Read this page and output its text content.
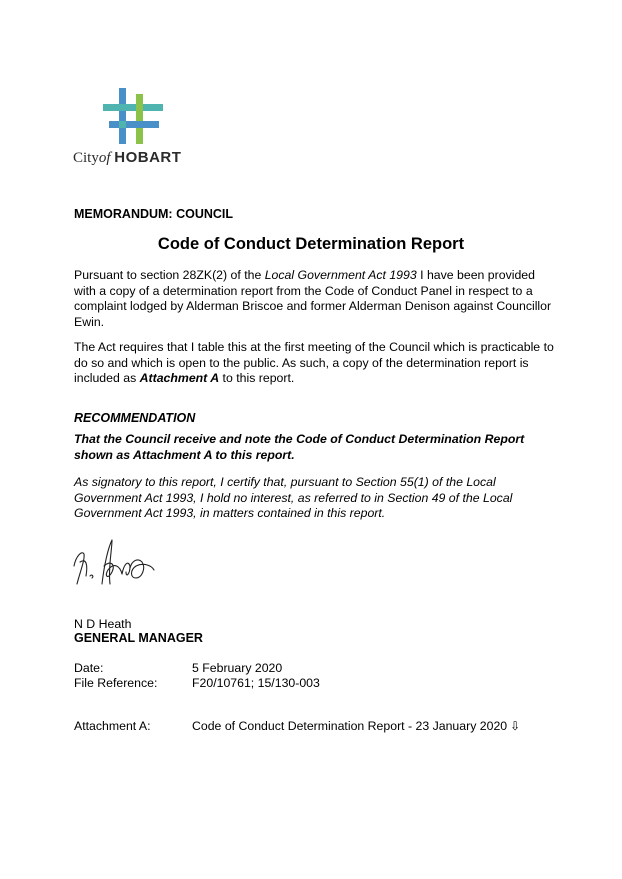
Cityof HOBART
MEMORANDUM: COUNCIL
Code of Conduct Determination Report
Pursuant to section 28ZK(2) of the Local Government Act 1993 I have been provided with a copy of a determination report from the Code of Conduct Panel in respect to a complaint lodged by Alderman Briscoe and former Alderman Denison against Councillor Ewin.
The Act requires that I table this at the first meeting of the Council which is practicable to do so and which is open to the public. As such, a copy of the determination report is included as Attachment A to this report.
RECOMMENDATION
That the Council receive and note the Code of Conduct Determination Report shown as Attachment A to this report.
As signatory to this report, I certify that, pursuant to Section 55(1) of the Local Government Act 1993, I hold no interest, as referred to in Section 49 of the Local Government Act 1993, in matters contained in this report.
N D Heath
GENERAL MANAGER
Date:	5 February 2020
File Reference:	F20/10761; 15/130-003
Attachment A:	Code of Conduct Determination Report - 23 January 2020 ⇩
